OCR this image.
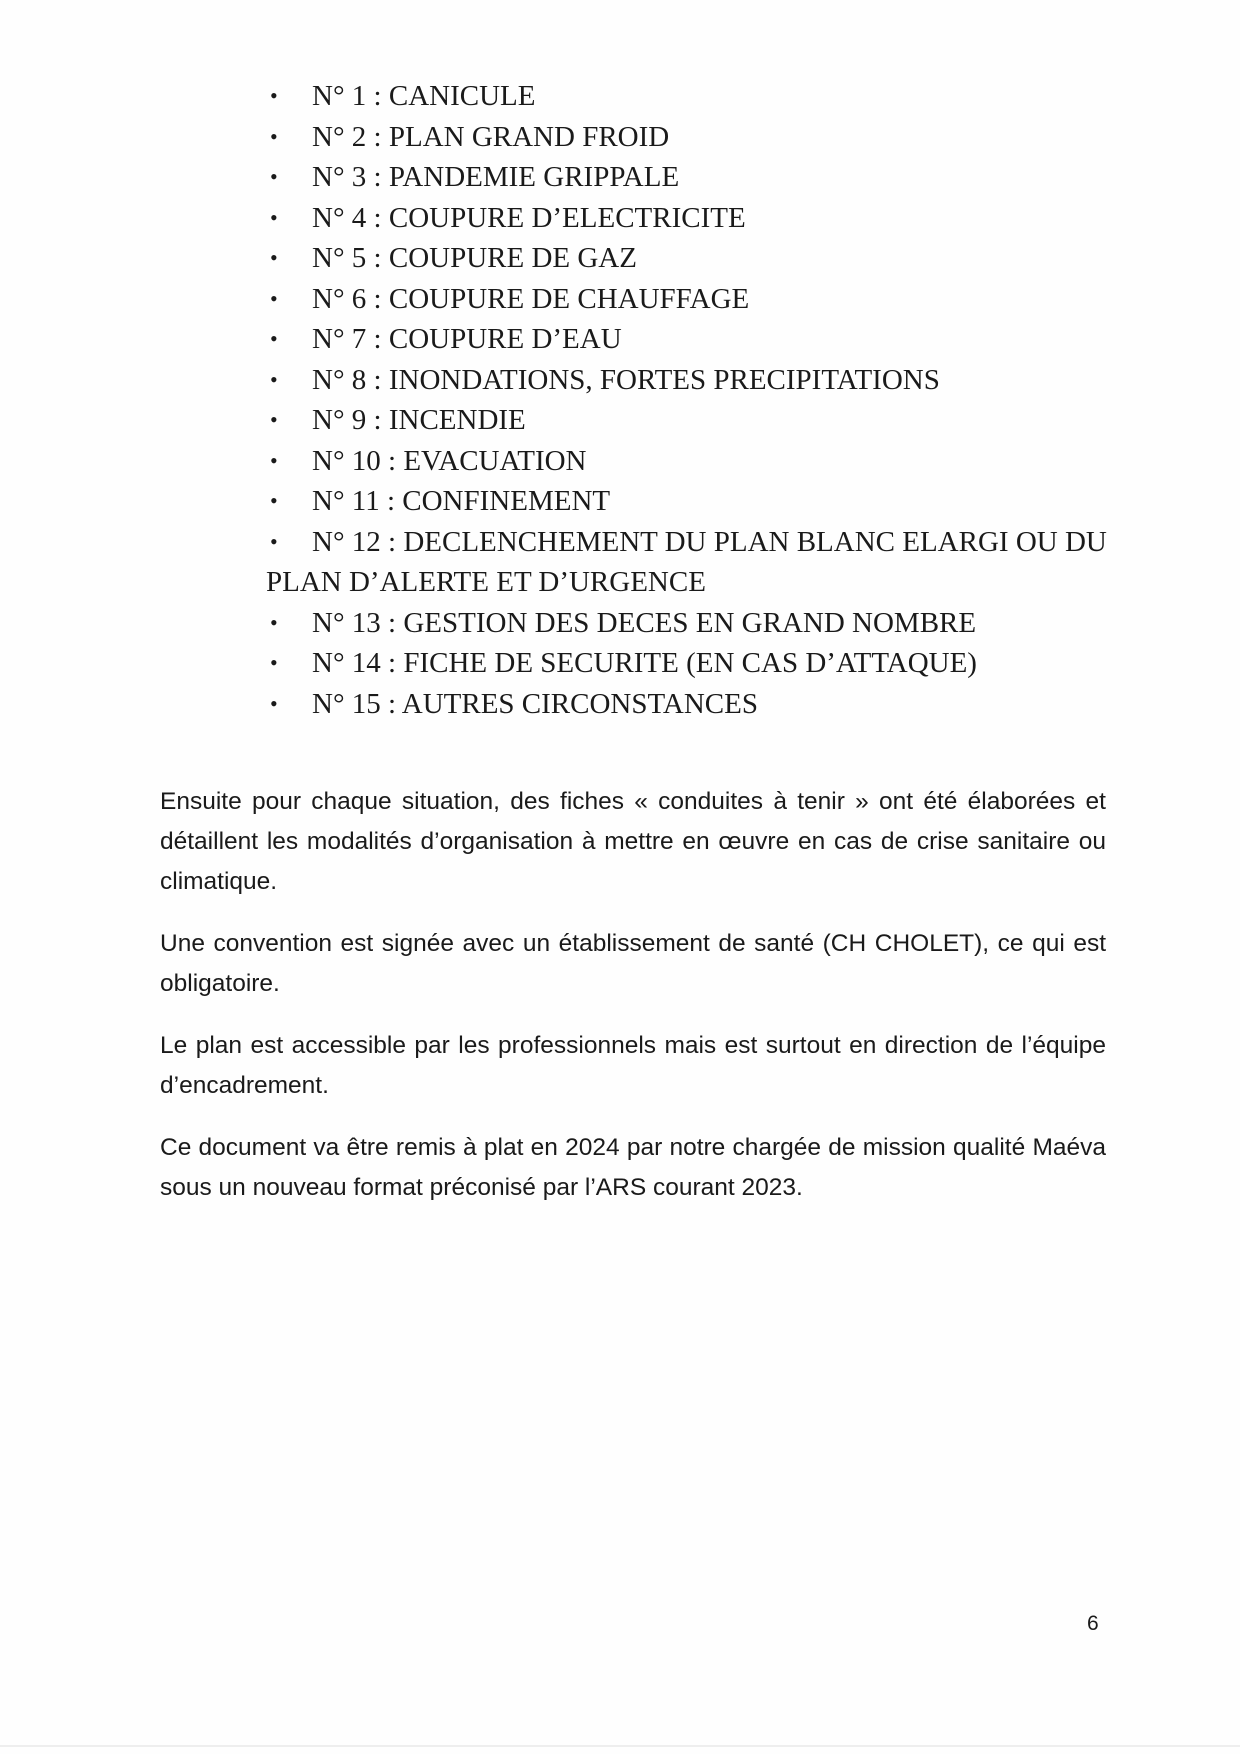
• N° 1 : CANICULE
• N° 2 : PLAN GRAND FROID
• N° 3 : PANDEMIE GRIPPALE
• N° 4 : COUPURE D’ELECTRICITE
• N° 5 : COUPURE DE GAZ
• N° 6 : COUPURE DE CHAUFFAGE
• N° 7 : COUPURE D’EAU
• N° 8 : INONDATIONS, FORTES PRECIPITATIONS
• N° 9 : INCENDIE
• N° 10 : EVACUATION
• N° 11 : CONFINEMENT
• N° 12 : DECLENCHEMENT DU PLAN BLANC ELARGI OU DU PLAN D’ALERTE ET D’URGENCE
• N° 13 : GESTION DES DECES EN GRAND NOMBRE
• N° 14 : FICHE DE SECURITE (EN CAS D’ATTAQUE)
• N° 15 : AUTRES CIRCONSTANCES

Ensuite pour chaque situation, des fiches « conduites à tenir » ont été élaborées et détaillent les modalités d’organisation à mettre en œuvre en cas de crise sanitaire ou climatique.

Une convention est signée avec un établissement de santé (CH CHOLET), ce qui est obligatoire.

Le plan est accessible par les professionnels mais est surtout en direction de l’équipe d’encadrement.

Ce document va être remis à plat en 2024 par notre chargée de mission qualité Maéva sous un nouveau format préconisé par l’ARS courant 2023.

6
